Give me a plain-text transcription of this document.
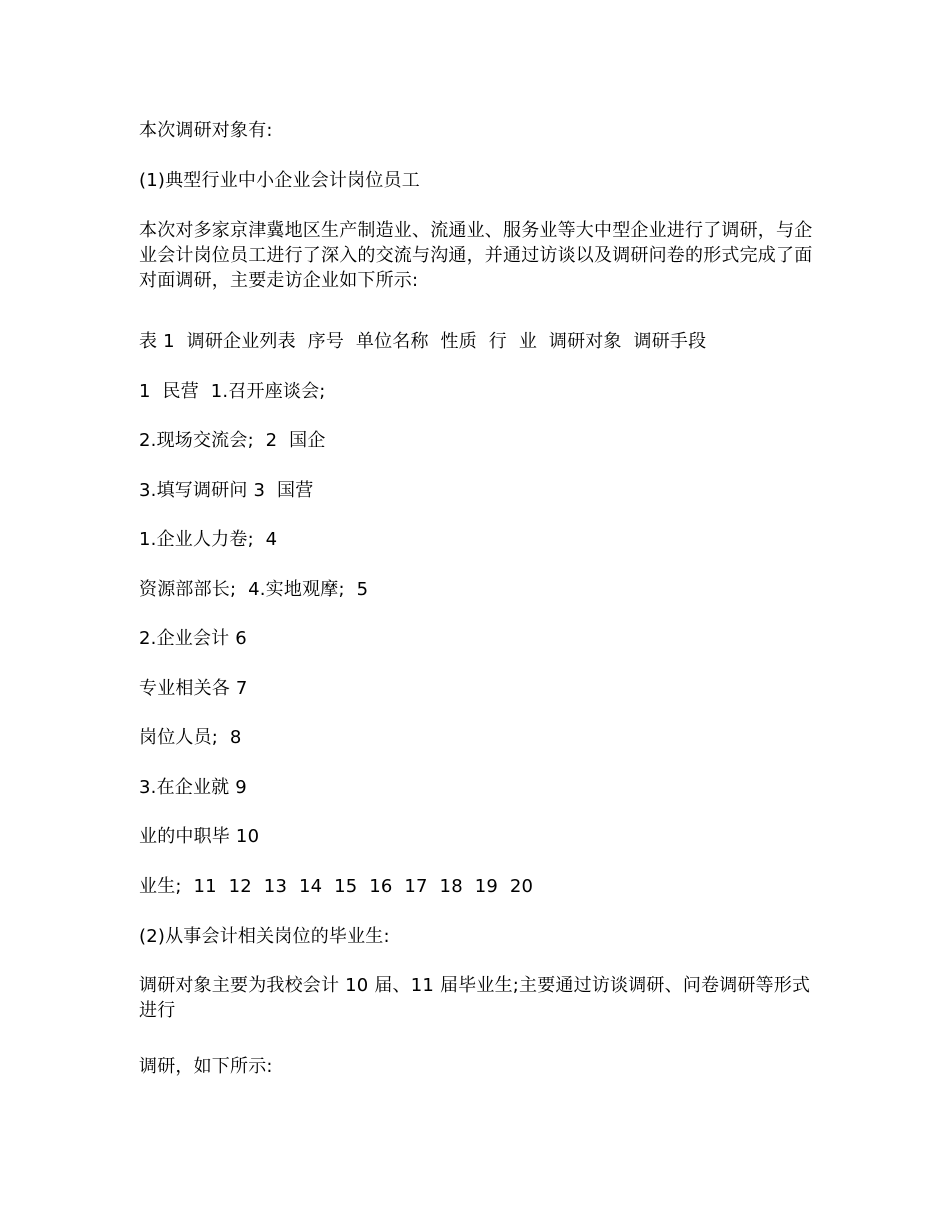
本次调研对象有:

(1)典型行业中小企业会计岗位员工

本次对多家京津冀地区生产制造业、流通业、服务业等大中型企业进行了调研，与企业会计岗位员工进行了深入的交流与沟通，并通过访谈以及调研问卷的形式完成了面对面调研，主要走访企业如下所示:

表 1  调研企业列表  序号  单位名称  性质  行  业  调研对象  调研手段

1  民营  1.召开座谈会;

2.现场交流会;  2  国企

3.填写调研问 3  国营

1.企业人力卷;  4

资源部部长;  4.实地观摩;  5

2.企业会计 6

专业相关各 7

岗位人员;  8

3.在企业就 9

业的中职毕 10

业生;  11  12  13  14  15  16  17  18  19  20

(2)从事会计相关岗位的毕业生:

调研对象主要为我校会计 10 届、11 届毕业生;主要通过访谈调研、问卷调研等形式进行

调研，如下所示:
